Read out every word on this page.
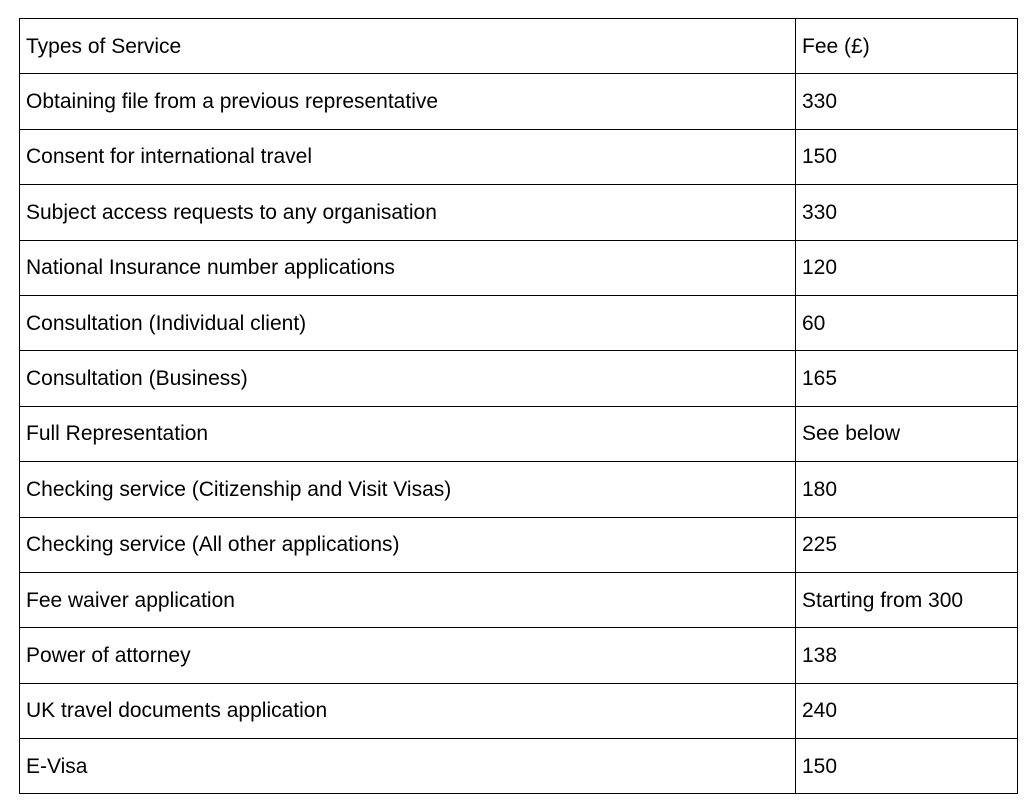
Types of Service	Fee (£)
Obtaining file from a previous representative	330
Consent for international travel	150
Subject access requests to any organisation	330
National Insurance number applications	120
Consultation (Individual client)	60
Consultation (Business)	165
Full Representation	See below
Checking service (Citizenship and Visit Visas)	180
Checking service (All other applications)	225
Fee waiver application	Starting from 300
Power of attorney	138
UK travel documents application	240
E-Visa	150
